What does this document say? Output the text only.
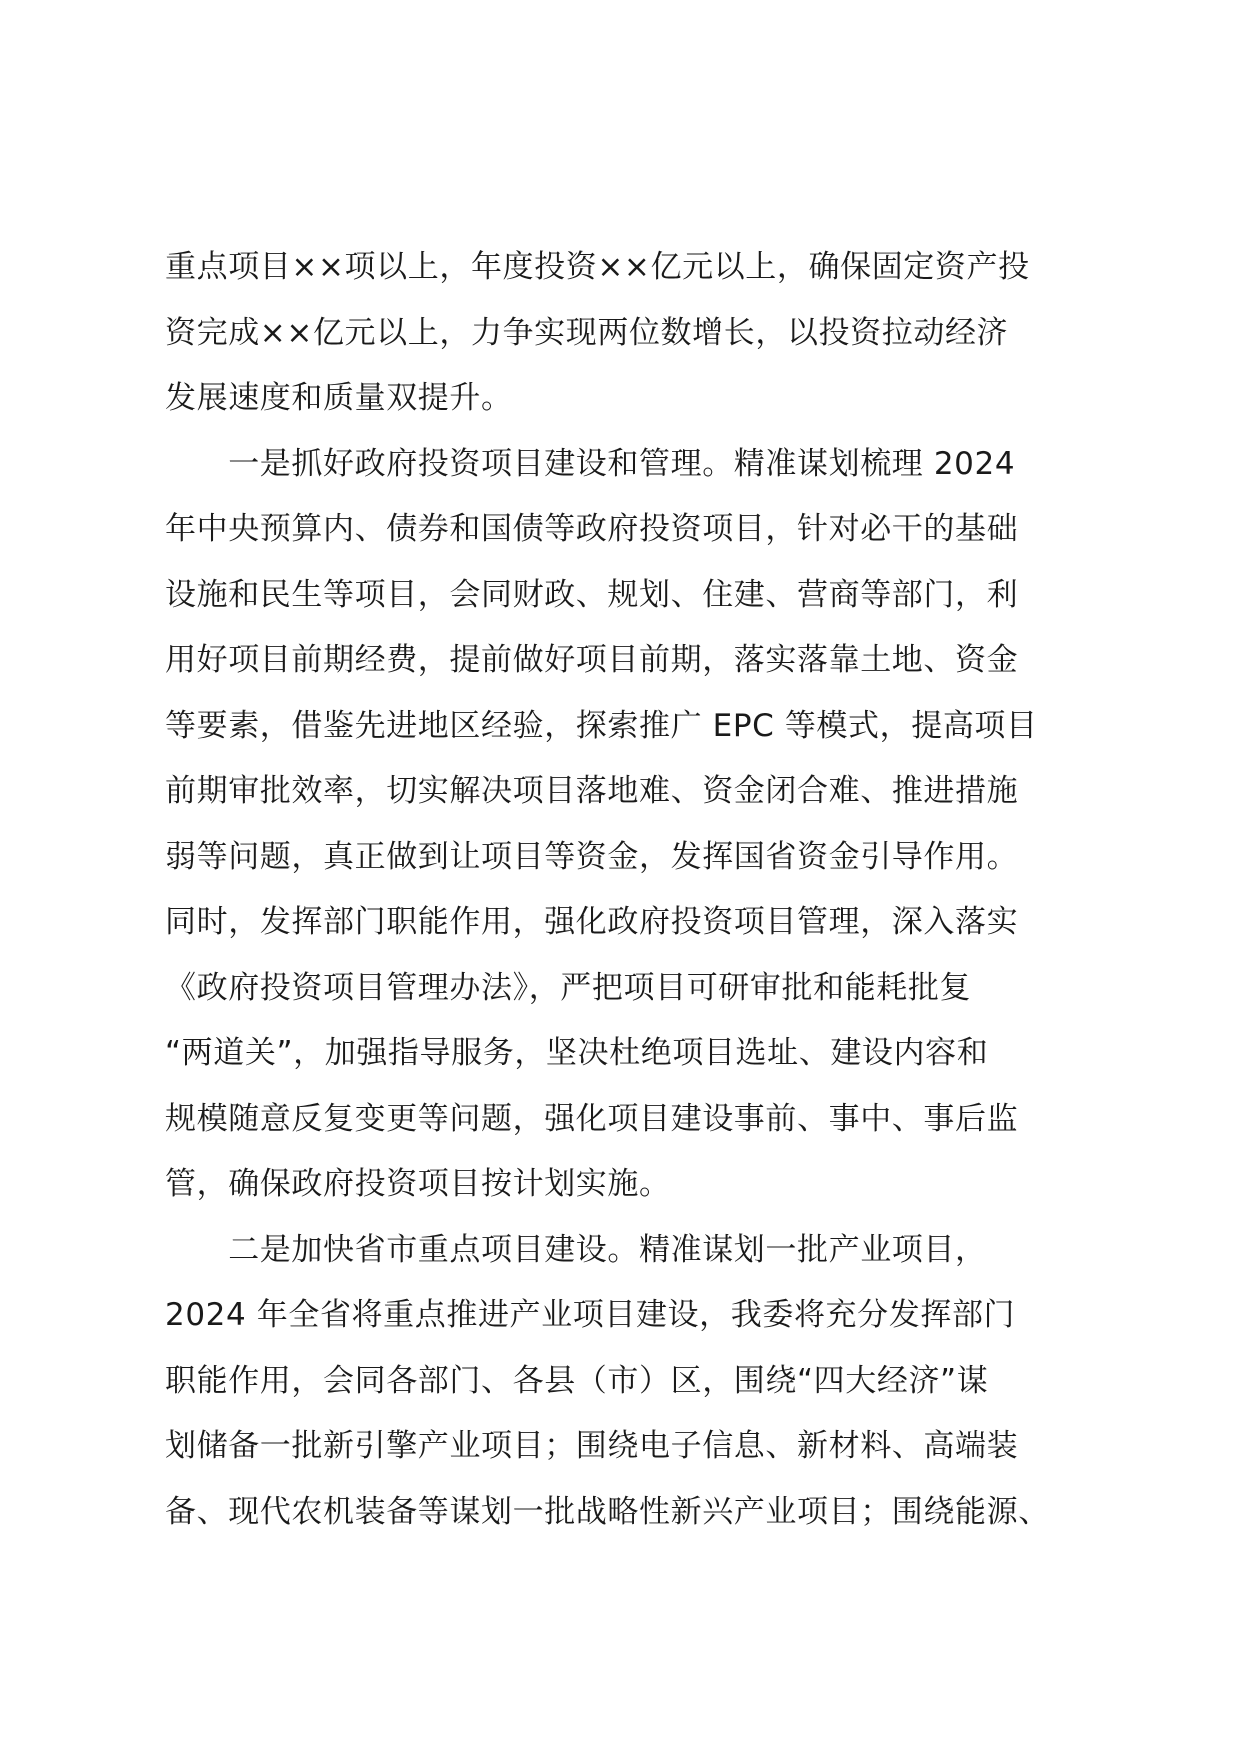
重点项目××项以上，年度投资××亿元以上，确保固定资产投
资完成××亿元以上，力争实现两位数增长，以投资拉动经济
发展速度和质量双提升。
　　一是抓好政府投资项目建设和管理。精准谋划梳理 2024
年中央预算内、债券和国债等政府投资项目，针对必干的基础
设施和民生等项目，会同财政、规划、住建、营商等部门，利
用好项目前期经费，提前做好项目前期，落实落靠土地、资金
等要素，借鉴先进地区经验，探索推广 EPC 等模式，提高项目
前期审批效率，切实解决项目落地难、资金闭合难、推进措施
弱等问题，真正做到让项目等资金，发挥国省资金引导作用。
同时，发挥部门职能作用，强化政府投资项目管理，深入落实
《政府投资项目管理办法》，严把项目可研审批和能耗批复
“两道关”，加强指导服务，坚决杜绝项目选址、建设内容和
规模随意反复变更等问题，强化项目建设事前、事中、事后监
管，确保政府投资项目按计划实施。
　　二是加快省市重点项目建设。精准谋划一批产业项目，
2024 年全省将重点推进产业项目建设，我委将充分发挥部门
职能作用，会同各部门、各县（市）区，围绕“四大经济”谋
划储备一批新引擎产业项目；围绕电子信息、新材料、高端装
备、现代农机装备等谋划一批战略性新兴产业项目；围绕能源、
